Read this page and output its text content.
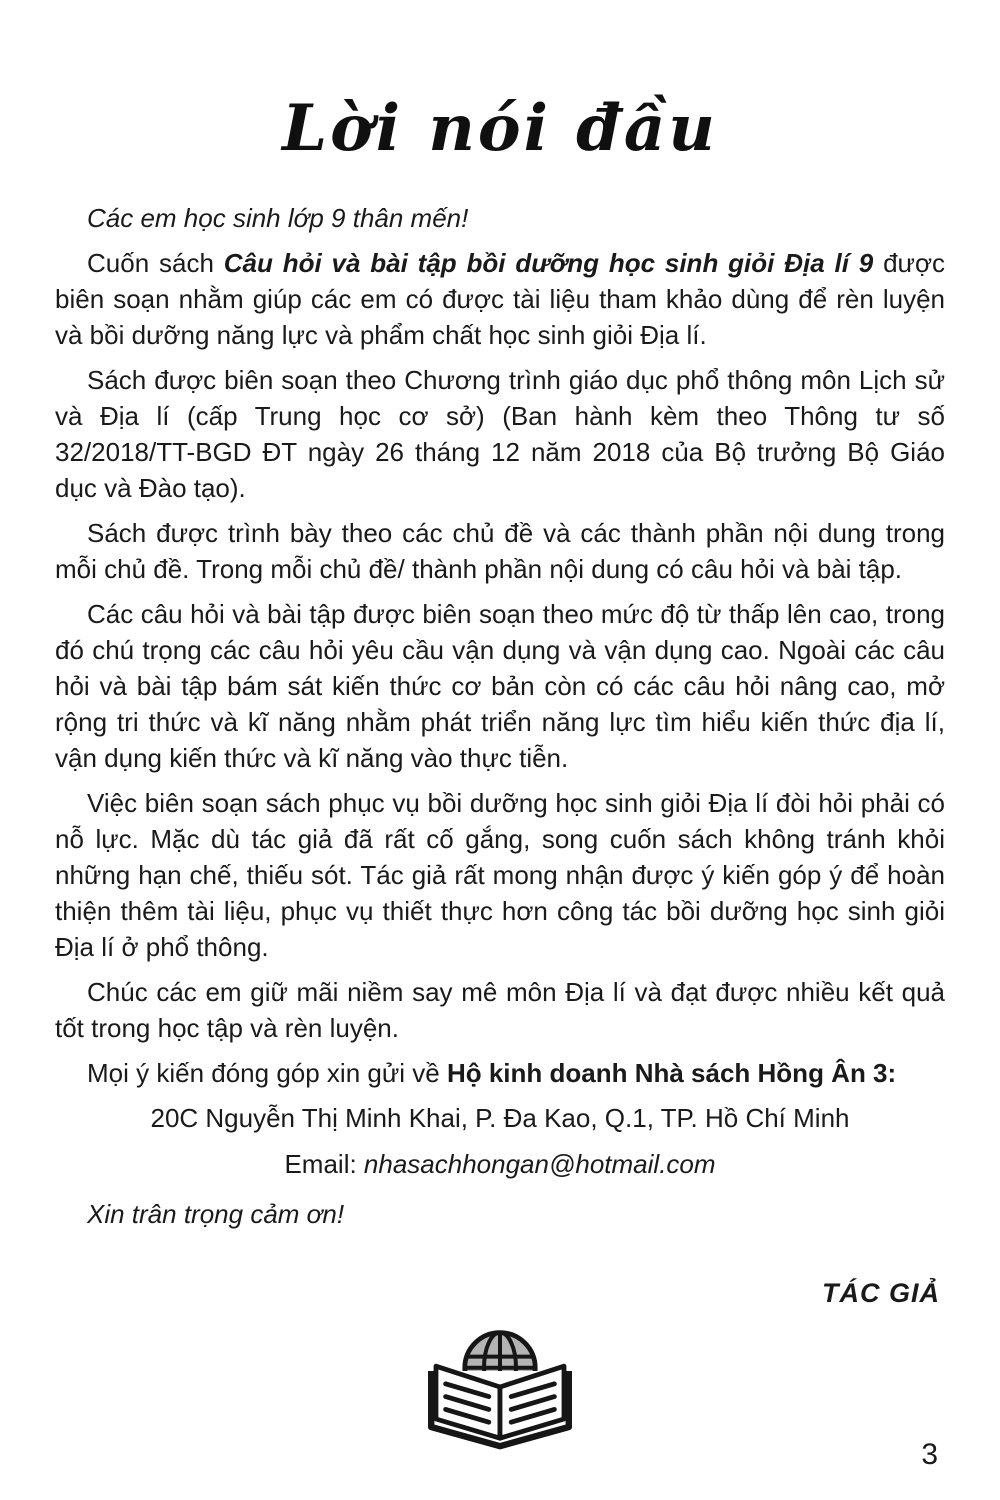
Lời nói đầu

Các em học sinh lớp 9 thân mến!

Cuốn sách Câu hỏi và bài tập bồi dưỡng học sinh giỏi Địa lí 9 được biên soạn nhằm giúp các em có được tài liệu tham khảo dùng để rèn luyện và bồi dưỡng năng lực và phẩm chất học sinh giỏi Địa lí.

Sách được biên soạn theo Chương trình giáo dục phổ thông môn Lịch sử và Địa lí (cấp Trung học cơ sở) (Ban hành kèm theo Thông tư số 32/2018/TT-BGD ĐT ngày 26 tháng 12 năm 2018 của Bộ trưởng Bộ Giáo dục và Đào tạo).

Sách được trình bày theo các chủ đề và các thành phần nội dung trong mỗi chủ đề. Trong mỗi chủ đề/ thành phần nội dung có câu hỏi và bài tập.

Các câu hỏi và bài tập được biên soạn theo mức độ từ thấp lên cao, trong đó chú trọng các câu hỏi yêu cầu vận dụng và vận dụng cao. Ngoài các câu hỏi và bài tập bám sát kiến thức cơ bản còn có các câu hỏi nâng cao, mở rộng tri thức và kĩ năng nhằm phát triển năng lực tìm hiểu kiến thức địa lí, vận dụng kiến thức và kĩ năng vào thực tiễn.

Việc biên soạn sách phục vụ bồi dưỡng học sinh giỏi Địa lí đòi hỏi phải có nỗ lực. Mặc dù tác giả đã rất cố gắng, song cuốn sách không tránh khỏi những hạn chế, thiếu sót. Tác giả rất mong nhận được ý kiến góp ý để hoàn thiện thêm tài liệu, phục vụ thiết thực hơn công tác bồi dưỡng học sinh giỏi Địa lí ở phổ thông.

Chúc các em giữ mãi niềm say mê môn Địa lí và đạt được nhiều kết quả tốt trong học tập và rèn luyện.

Mọi ý kiến đóng góp xin gửi về Hộ kinh doanh Nhà sách Hồng Ân 3:

20C Nguyễn Thị Minh Khai, P. Đa Kao, Q.1, TP. Hồ Chí Minh
Email: nhasachhongan@hotmail.com

Xin trân trọng cảm ơn!

TÁC GIẢ
3
